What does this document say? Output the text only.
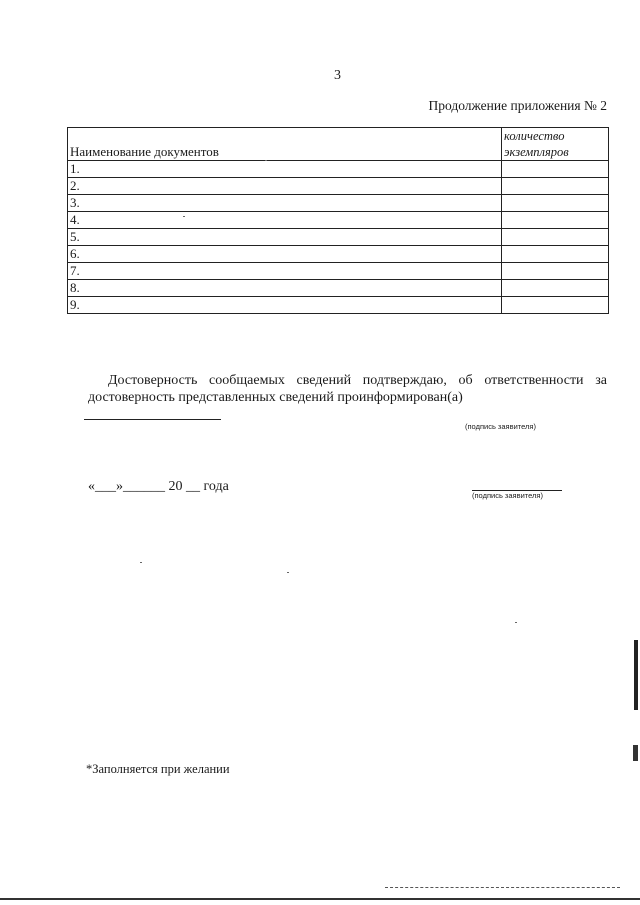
3
Продолжение приложения № 2
Наименование документов	количество
экземпляров

1.	
2.	
3.	
4.	
5.	
6.	
7.	
8.	
9.	
Достоверность сообщаемых сведений подтверждаю, об ответственности за достоверность представленных сведений проинформирован(а)
(подпись заявителя)
«___»______ 20 __ года
(подпись заявителя)
*Заполняется при желании
